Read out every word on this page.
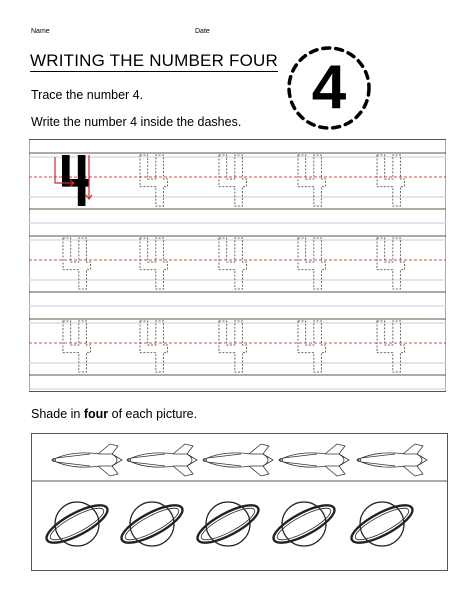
Name	Date
WRITING THE NUMBER FOUR 4
Trace the number 4.
Write the number 4 inside the dashes.
Shade in four of each picture.
